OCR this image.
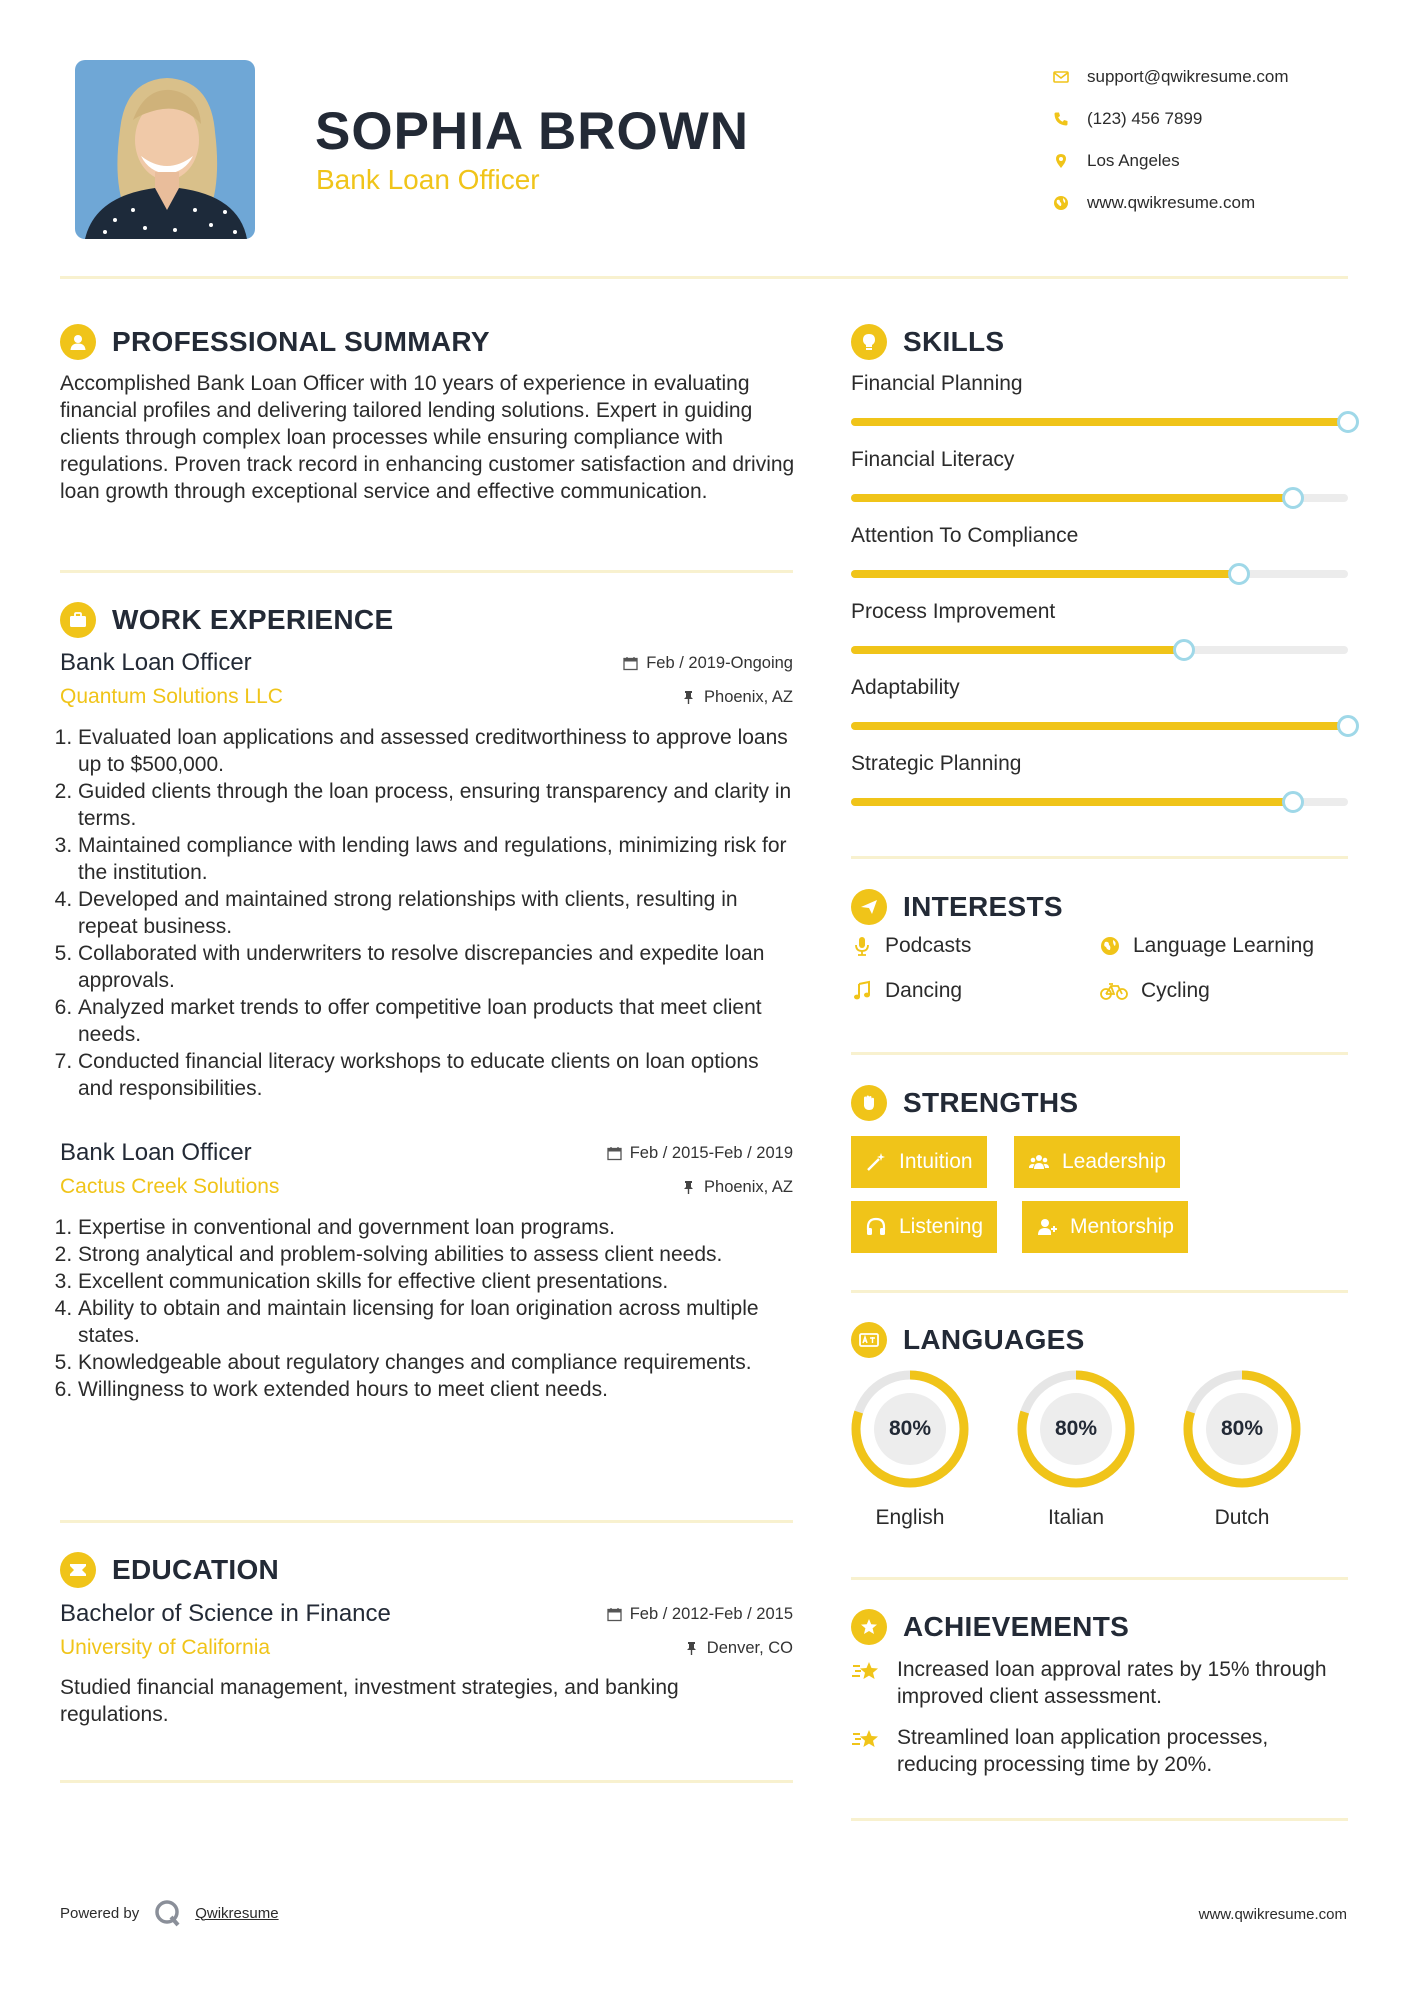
SOPHIA BROWN
Bank Loan Officer
support@qwikresume.com
(123) 456 7899
Los Angeles
www.qwikresume.com
PROFESSIONAL SUMMARY
Accomplished Bank Loan Officer with 10 years of experience in evaluating financial profiles and delivering tailored lending solutions. Expert in guiding clients through complex loan processes while ensuring compliance with regulations. Proven track record in enhancing customer satisfaction and driving loan growth through exceptional service and effective communication.
WORK EXPERIENCE
Bank Loan Officer	Feb / 2019-Ongoing
Quantum Solutions LLC	Phoenix, AZ
1. Evaluated loan applications and assessed creditworthiness to approve loans up to $500,000.
2. Guided clients through the loan process, ensuring transparency and clarity in terms.
3. Maintained compliance with lending laws and regulations, minimizing risk for the institution.
4. Developed and maintained strong relationships with clients, resulting in repeat business.
5. Collaborated with underwriters to resolve discrepancies and expedite loan approvals.
6. Analyzed market trends to offer competitive loan products that meet client needs.
7. Conducted financial literacy workshops to educate clients on loan options and responsibilities.
Bank Loan Officer	Feb / 2015-Feb / 2019
Cactus Creek Solutions	Phoenix, AZ
1. Expertise in conventional and government loan programs.
2. Strong analytical and problem-solving abilities to assess client needs.
3. Excellent communication skills for effective client presentations.
4. Ability to obtain and maintain licensing for loan origination across multiple states.
5. Knowledgeable about regulatory changes and compliance requirements.
6. Willingness to work extended hours to meet client needs.
EDUCATION
Bachelor of Science in Finance	Feb / 2012-Feb / 2015
University of California	Denver, CO
Studied financial management, investment strategies, and banking regulations.
SKILLS
Financial Planning
Financial Literacy
Attention To Compliance
Process Improvement
Adaptability
Strategic Planning
INTERESTS
Podcasts	Language Learning
Dancing	Cycling
STRENGTHS
Intuition	Leadership
Listening	Mentorship
LANGUAGES
80%
English
80%
Italian
80%
Dutch
ACHIEVEMENTS
Increased loan approval rates by 15% through improved client assessment.
Streamlined loan application processes, reducing processing time by 20%.
Powered by	Qwikresume	www.qwikresume.com
